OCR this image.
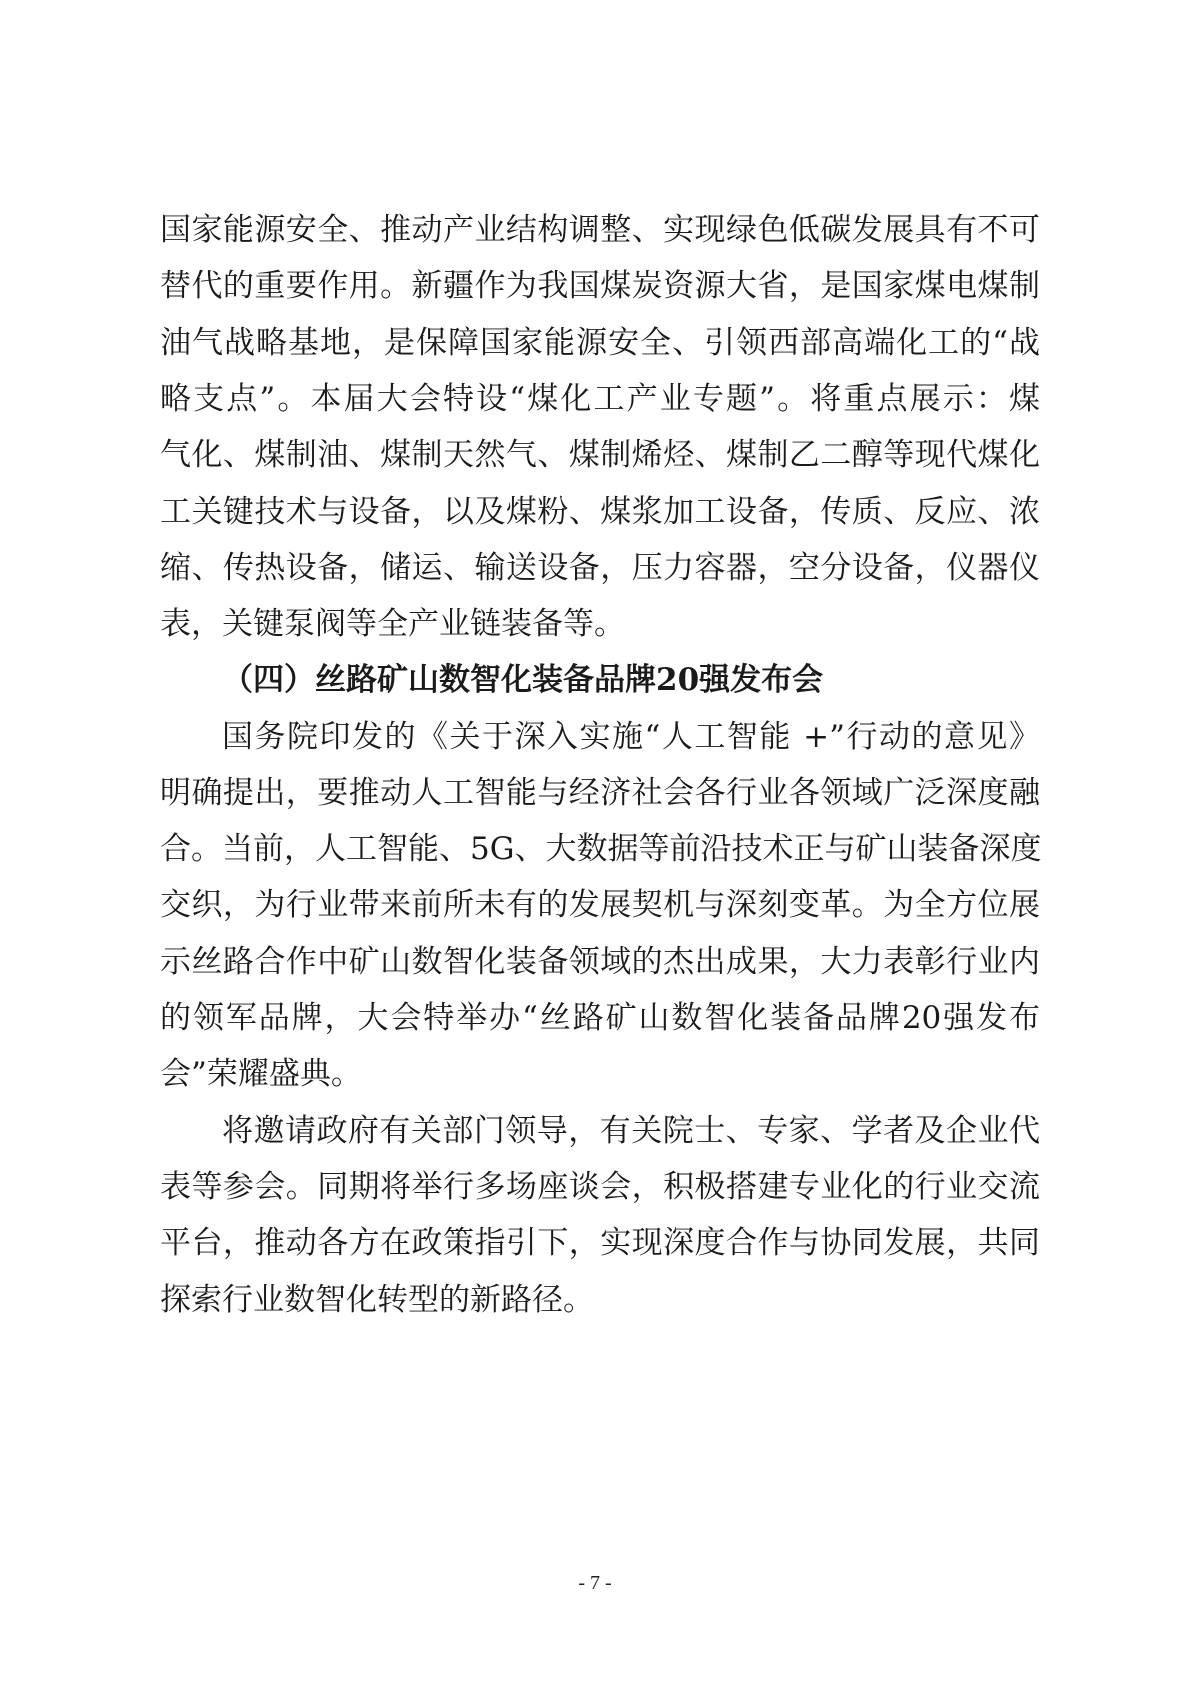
国家能源安全、推动产业结构调整、实现绿色低碳发展具有不可
替代的重要作用。新疆作为我国煤炭资源大省，是国家煤电煤制
油气战略基地，是保障国家能源安全、引领西部高端化工的“战
略支点”。本届大会特设“煤化工产业专题”。将重点展示：煤
气化、煤制油、煤制天然气、煤制烯烃、煤制乙二醇等现代煤化
工关键技术与设备，以及煤粉、煤浆加工设备，传质、反应、浓
缩、传热设备，储运、输送设备，压力容器，空分设备，仪器仪
表，关键泵阀等全产业链装备等。
（四）丝路矿山数智化装备品牌20强发布会
国务院印发的《关于深入实施“人工智能 +”行动的意见》
明确提出，要推动人工智能与经济社会各行业各领域广泛深度融
合。当前，人工智能、5G、大数据等前沿技术正与矿山装备深度
交织，为行业带来前所未有的发展契机与深刻变革。为全方位展
示丝路合作中矿山数智化装备领域的杰出成果，大力表彰行业内
的领军品牌，大会特举办“丝路矿山数智化装备品牌20强发布
会”荣耀盛典。
将邀请政府有关部门领导，有关院士、专家、学者及企业代
表等参会。同期将举行多场座谈会，积极搭建专业化的行业交流
平台，推动各方在政策指引下，实现深度合作与协同发展，共同
探索行业数智化转型的新路径。
- 7 -
